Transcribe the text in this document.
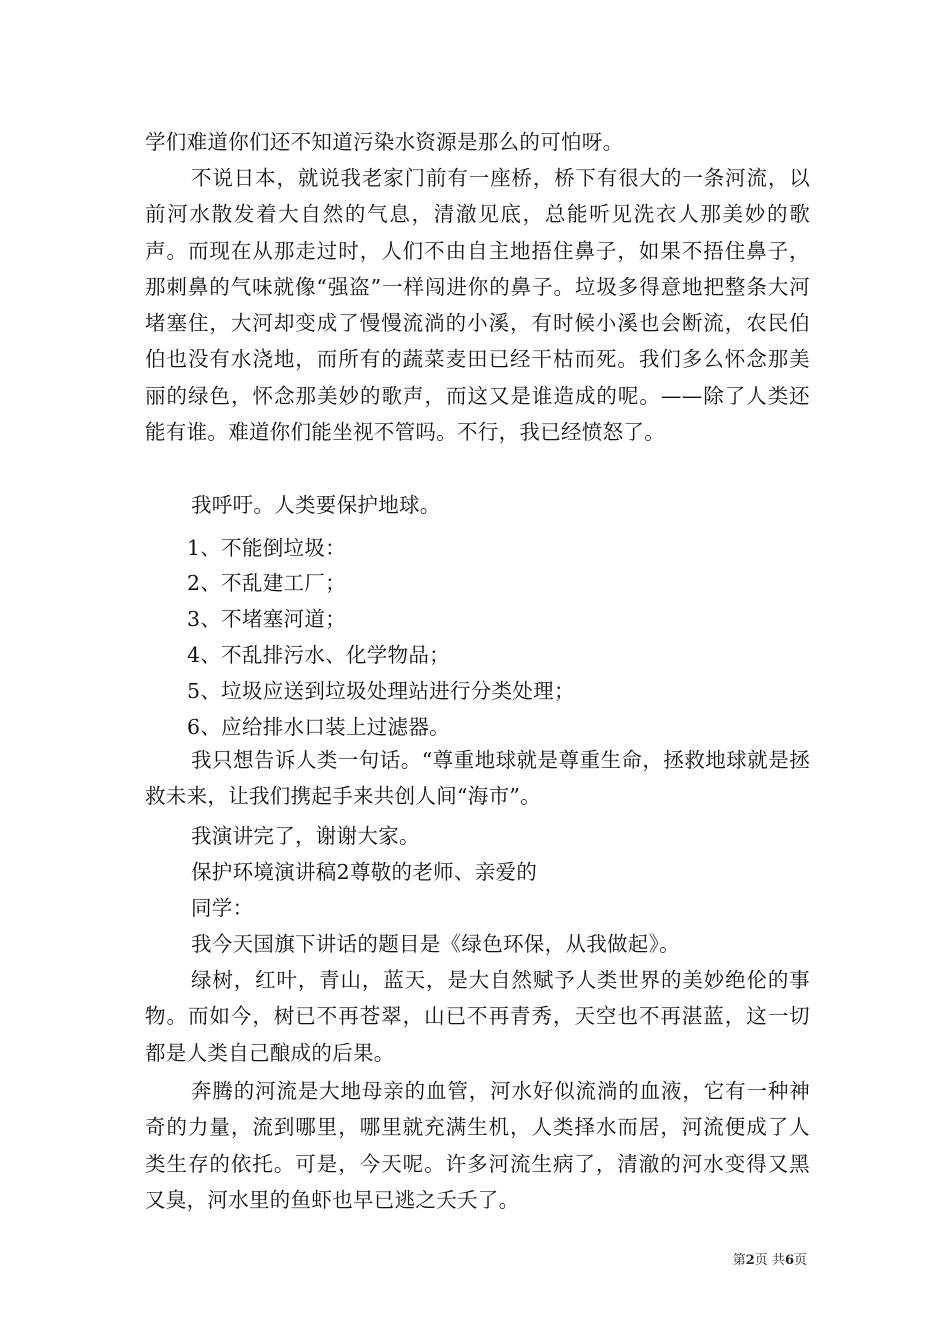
学们难道你们还不知道污染水资源是那么的可怕呀。

不说日本，就说我老家门前有一座桥，桥下有很大的一条河流，以前河水散发着大自然的气息，清澈见底，总能听见洗衣人那美妙的歌声。而现在从那走过时，人们不由自主地捂住鼻子，如果不捂住鼻子，那刺鼻的气味就像“强盗”一样闯进你的鼻子。垃圾多得意地把整条大河堵塞住，大河却变成了慢慢流淌的小溪，有时候小溪也会断流，农民伯伯也没有水浇地，而所有的蔬菜麦田已经干枯而死。我们多么怀念那美丽的绿色，怀念那美妙的歌声，而这又是谁造成的呢。——除了人类还能有谁。难道你们能坐视不管吗。不行，我已经愤怒了。

我呼吁。人类要保护地球。

1、不能倒垃圾：

2、不乱建工厂；

3、不堵塞河道；

4、不乱排污水、化学物品；

5、垃圾应送到垃圾处理站进行分类处理；

6、应给排水口装上过滤器。

我只想告诉人类一句话。“尊重地球就是尊重生命，拯救地球就是拯救未来，让我们携起手来共创人间“海市”。

我演讲完了，谢谢大家。

保护环境演讲稿2尊敬的老师、亲爱的

同学：

我今天国旗下讲话的题目是《绿色环保，从我做起》。

绿树，红叶，青山，蓝天，是大自然赋予人类世界的美妙绝伦的事物。而如今，树已不再苍翠，山已不再青秀，天空也不再湛蓝，这一切都是人类自己酿成的后果。

奔腾的河流是大地母亲的血管，河水好似流淌的血液，它有一种神奇的力量，流到哪里，哪里就充满生机，人类择水而居，河流便成了人类生存的依托。可是，今天呢。许多河流生病了，清澈的河水变得又黑又臭，河水里的鱼虾也早已逃之夭夭了。

第2页 共6页
